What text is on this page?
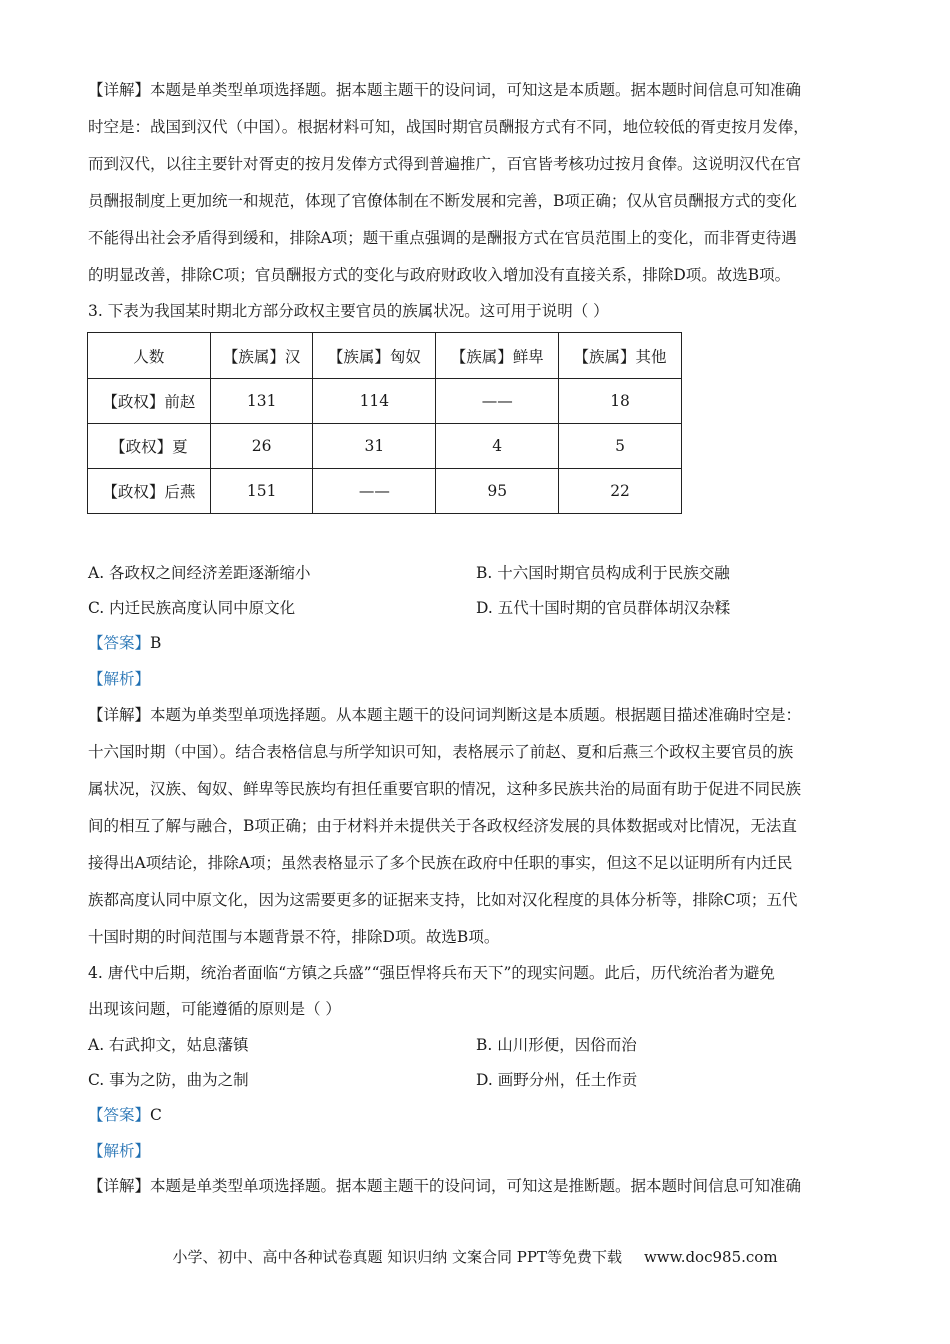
【详解】本题是单类型单项选择题。据本题主题干的设问词，可知这是本质题。据本题时间信息可知准确
时空是：战国到汉代（中国）。根据材料可知，战国时期官员酬报方式有不同，地位较低的胥吏按月发俸，
而到汉代，以往主要针对胥吏的按月发俸方式得到普遍推广，百官皆考核功过按月食俸。这说明汉代在官
员酬报制度上更加统一和规范，体现了官僚体制在不断发展和完善，B项正确；仅从官员酬报方式的变化
不能得出社会矛盾得到缓和，排除A项；题干重点强调的是酬报方式在官员范围上的变化，而非胥吏待遇
的明显改善，排除C项；官员酬报方式的变化与政府财政收入增加没有直接关系，排除D项。故选B项。
3. 下表为我国某时期北方部分政权主要官员的族属状况。这可用于说明（ ）
人数	【族属】汉	【族属】匈奴	【族属】鲜卑	【族属】其他
【政权】前赵	131	114	——	18
【政权】夏	26	31	4	5
【政权】后燕	151	——	95	22
A. 各政权之间经济差距逐渐缩小	B. 十六国时期官员构成利于民族交融
C. 内迁民族高度认同中原文化	D. 五代十国时期的官员群体胡汉杂糅
【答案】B
【解析】
【详解】本题为单类型单项选择题。从本题主题干的设问词判断这是本质题。根据题目描述准确时空是：
十六国时期（中国）。结合表格信息与所学知识可知，表格展示了前赵、夏和后燕三个政权主要官员的族
属状况，汉族、匈奴、鲜卑等民族均有担任重要官职的情况，这种多民族共治的局面有助于促进不同民族
间的相互了解与融合，B项正确；由于材料并未提供关于各政权经济发展的具体数据或对比情况，无法直
接得出A项结论，排除A项；虽然表格显示了多个民族在政府中任职的事实，但这不足以证明所有内迁民
族都高度认同中原文化，因为这需要更多的证据来支持，比如对汉化程度的具体分析等，排除C项；五代
十国时期的时间范围与本题背景不符，排除D项。故选B项。
4. 唐代中后期，统治者面临“方镇之兵盛”“强臣悍将兵布天下”的现实问题。此后，历代统治者为避免
出现该问题，可能遵循的原则是（ ）
A. 右武抑文，姑息藩镇	B. 山川形便，因俗而治
C. 事为之防，曲为之制	D. 画野分州，任土作贡
【答案】C
【解析】
【详解】本题是单类型单项选择题。据本题主题干的设问词，可知这是推断题。据本题时间信息可知准确
小学、初中、高中各种试卷真题 知识归纳 文案合同 PPT等免费下载 www.doc985.com
